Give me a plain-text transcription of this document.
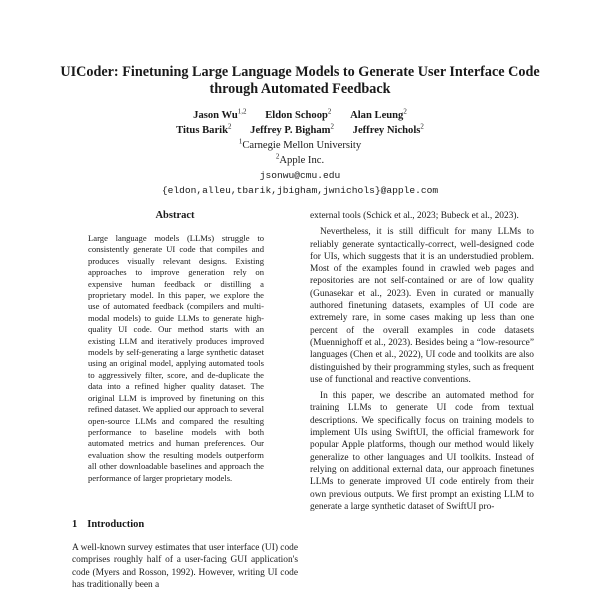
UICoder: Finetuning Large Language Models to Generate User Interface Code through Automated Feedback
Jason Wu$^{1,2}$ Eldon Schoop$^2$ Alan Leung$^2$
Titus Barik$^2$ Jeffrey P. Bigham$^2$ Jeffrey Nichols$^2$
$^1$Carnegie Mellon University
$^2$Apple Inc.
jsonwu@cmu.edu
{eldon,alleu,tbarik,jbigham,jwnichols}@apple.com
Abstract
Large language models (LLMs) struggle to consistently generate UI code that compiles and produces visually relevant designs. Existing approaches to improve generation rely on expensive human feedback or distilling a proprietary model. In this paper, we explore the use of automated feedback (compilers and multi-modal models) to guide LLMs to generate high-quality UI code. Our method starts with an existing LLM and iteratively produces improved models by self-generating a large synthetic dataset using an original model, applying automated tools to aggressively filter, score, and de-duplicate the data into a refined higher quality dataset. The original LLM is improved by finetuning on this refined dataset. We applied our approach to several open-source LLMs and compared the resulting performance to baseline models with both automated metrics and human preferences. Our evaluation show the resulting models outperform all other downloadable baselines and approach the performance of larger proprietary models.
1 Introduction
A well-known survey estimates that user interface (UI) code comprises roughly half of a user-facing GUI application's code (Myers and Rosson, 1992). However, writing UI code has traditionally been a

external tools (Schick et al., 2023; Bubeck et al., 2023).

Nevertheless, it is still difficult for many LLMs to reliably generate syntactically-correct, well-designed code for UIs, which suggests that it is an understudied problem. Most of the examples found in crawled web pages and repositories are not self-contained or are of low quality (Gunasekar et al., 2023). Even in curated or manually authored finetuning datasets, examples of UI code are extremely rare, in some cases making up less than one percent of the overall examples in code datasets (Muennighoff et al., 2023). Besides being a “low-resource” languages (Chen et al., 2022), UI code and toolkits are also distinguished by their programming styles, such as frequent use of functional and reactive conventions.

In this paper, we describe an automated method for training LLMs to generate UI code from textual descriptions. We specifically focus on training models to implement UIs using SwiftUI, the official framework for popular Apple platforms, though our method would likely generalize to other languages and UI toolkits. Instead of relying on additional external data, our approach finetunes LLMs to generate improved UI code entirely from their own previous outputs. We first prompt an existing LLM to generate a large synthetic dataset of SwiftUI pro-
